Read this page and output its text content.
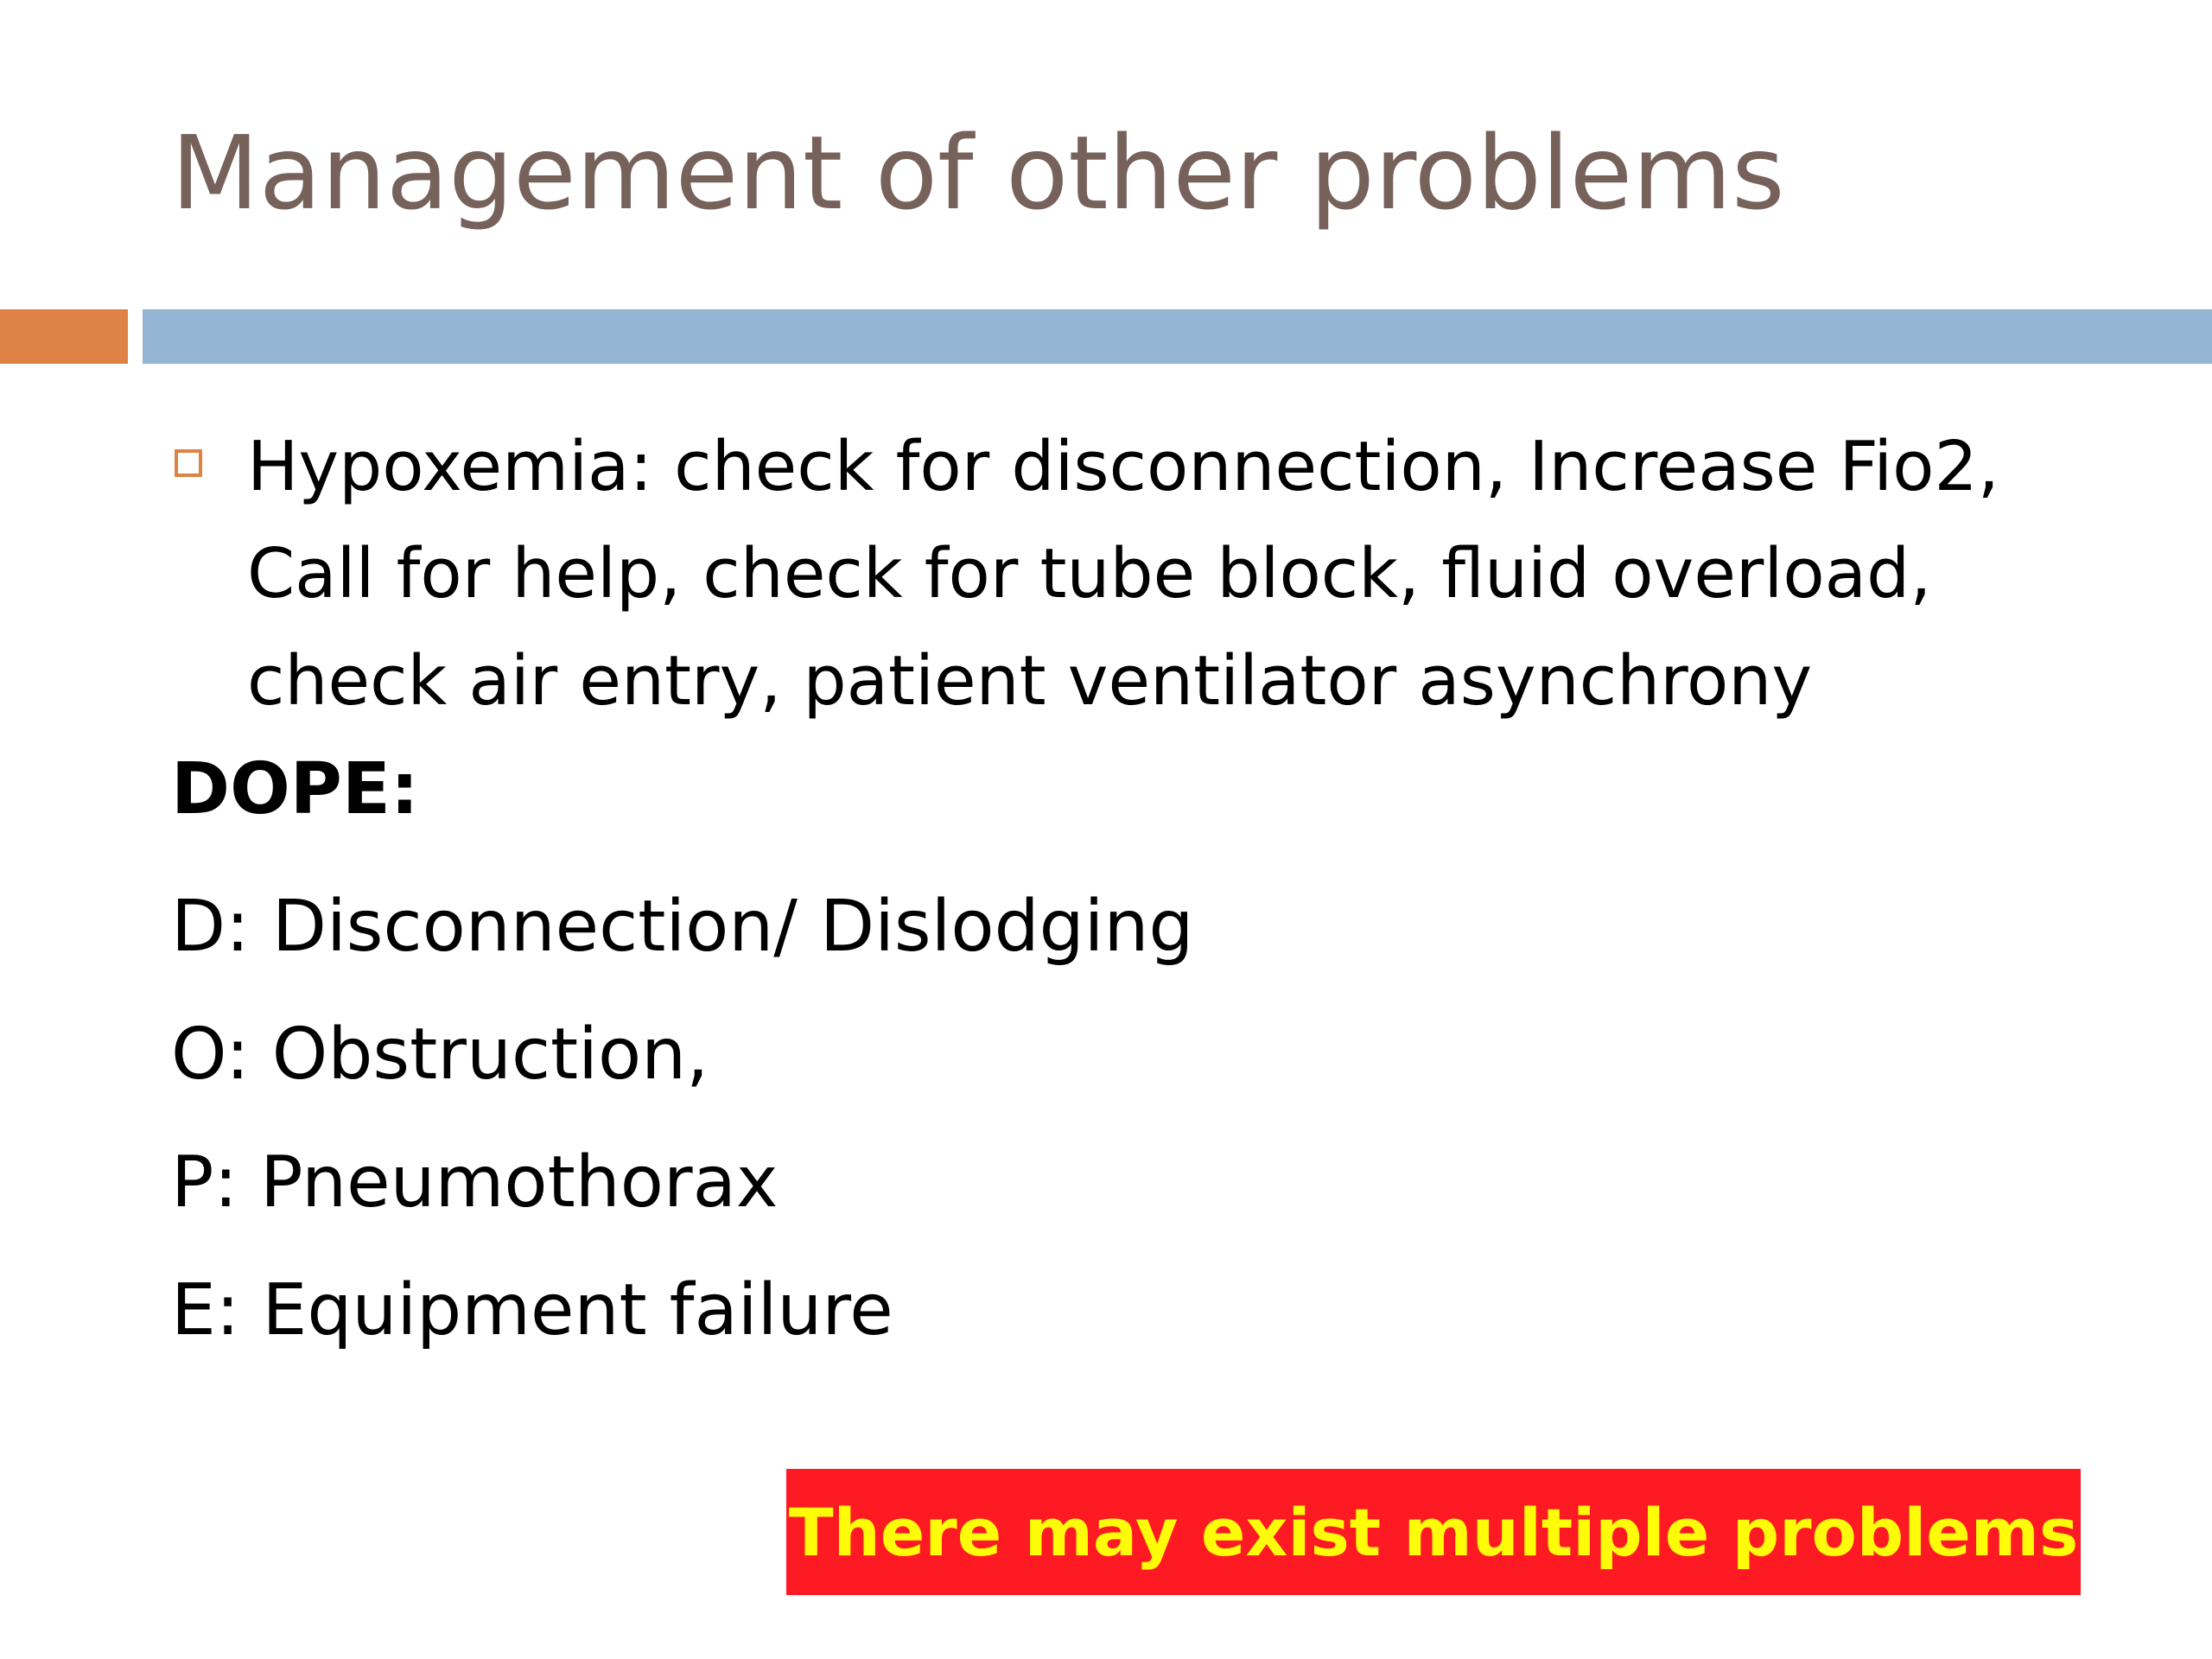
Management of other problems
Hypoxemia: check for disconnection, Increase Fio2, Call for help, check for tube block, fluid overload, check air entry, patient ventilator asynchrony
DOPE:
D: Disconnection/ Dislodging
O: Obstruction,
P: Pneumothorax
E: Equipment failure
There may exist multiple problems
